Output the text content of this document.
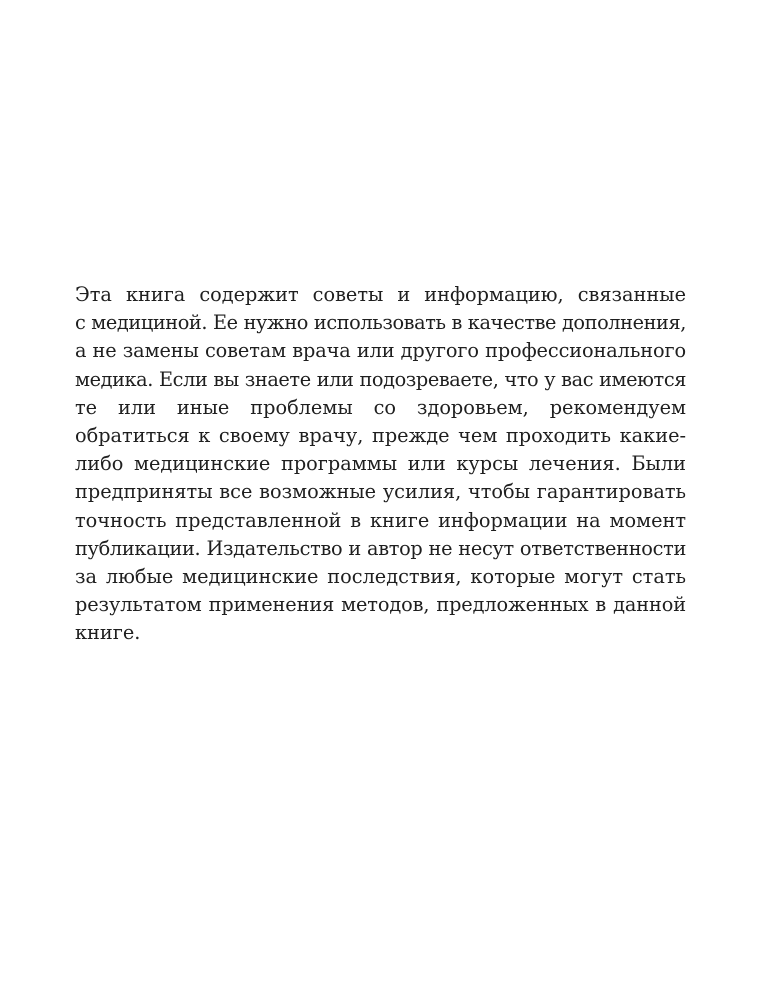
Эта книга содержит советы и информацию, связанные
с медициной. Ее нужно использовать в качестве дополнения,
а не замены советам врача или другого профессионального
медика. Если вы знаете или подозреваете, что у вас имеются
те или иные проблемы со здоровьем, рекомендуем
обратиться к своему врачу, прежде чем проходить какие-
либо медицинские программы или курсы лечения. Были
предприняты все возможные усилия, чтобы гарантировать
точность представленной в книге информации на момент
публикации. Издательство и автор не несут ответственности
за любые медицинские последствия, которые могут стать
результатом применения методов, предложенных в данной
книге.
